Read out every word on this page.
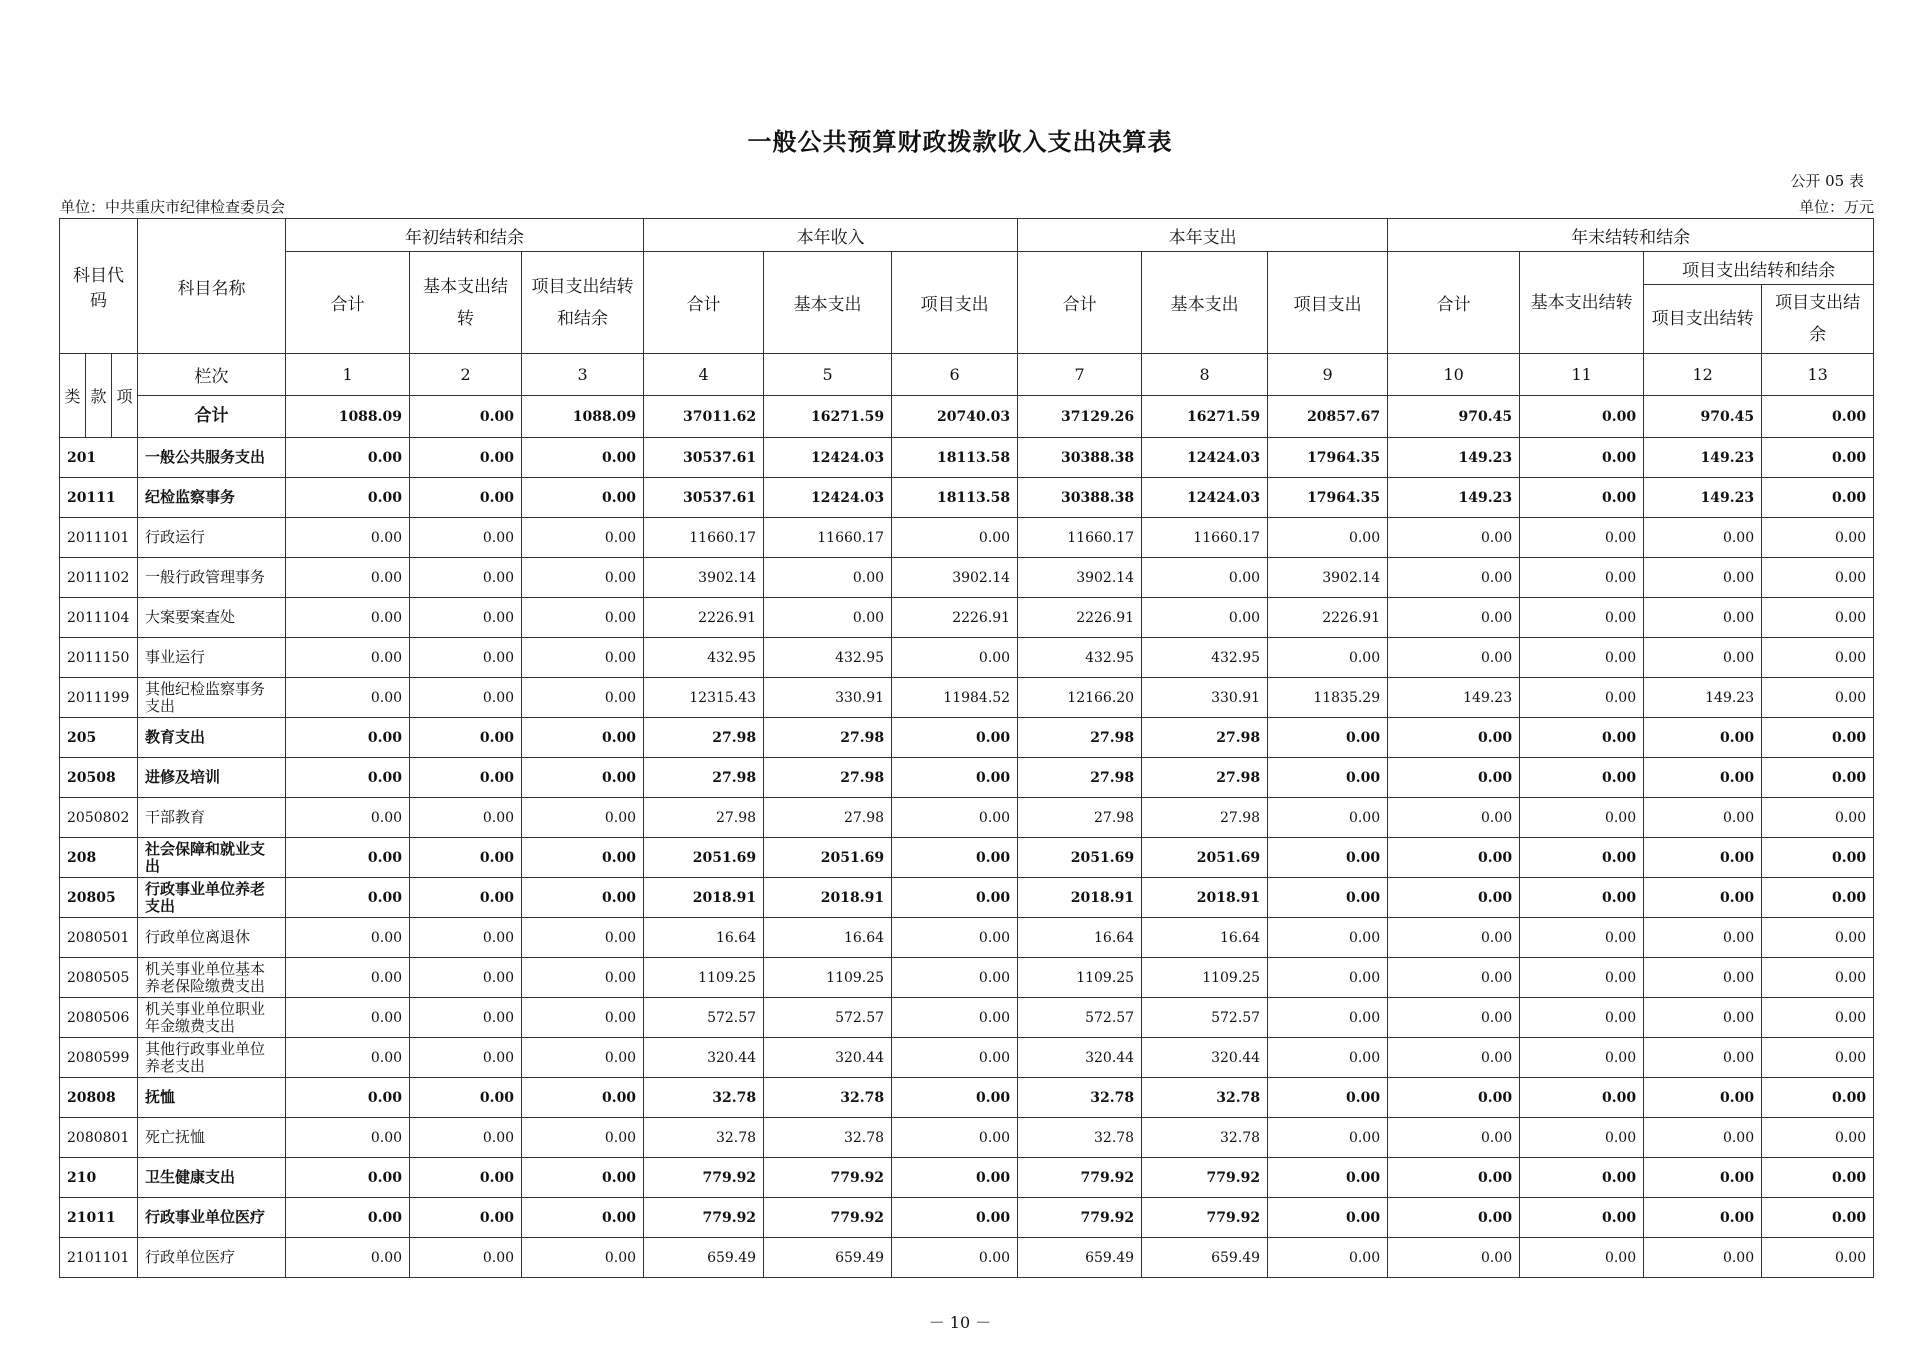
一般公共预算财政拨款收入支出决算表
公开 05 表
单位：中共重庆市纪律检查委员会	单位：万元
科目代码			科目名称	年初结转和结余			本年收入			本年支出			年末结转和结余			
				合计	基本支出结转	项目支出结转和结余	合计	基本支出	项目支出	合计	基本支出	项目支出	合计	基本支出结转	项目支出结转和结余	

															项目支出结转	项目支出结余

类	款	项	栏次	1	2	3	4	5	6	7	8	9	10	11	12	13
			合计	1088.09	0.00	1088.09	37011.62	16271.59	20740.03	37129.26	16271.59	20857.67	970.45	0.00	970.45	0.00
201			一般公共服务支出	0.00	0.00	0.00	30537.61	12424.03	18113.58	30388.38	12424.03	17964.35	149.23	0.00	149.23	0.00
20111			纪检监察事务	0.00	0.00	0.00	30537.61	12424.03	18113.58	30388.38	12424.03	17964.35	149.23	0.00	149.23	0.00
2011101			行政运行	0.00	0.00	0.00	11660.17	11660.17	0.00	11660.17	11660.17	0.00	0.00	0.00	0.00	0.00
2011102			一般行政管理事务	0.00	0.00	0.00	3902.14	0.00	3902.14	3902.14	0.00	3902.14	0.00	0.00	0.00	0.00
2011104			大案要案查处	0.00	0.00	0.00	2226.91	0.00	2226.91	2226.91	0.00	2226.91	0.00	0.00	0.00	0.00
2011150			事业运行	0.00	0.00	0.00	432.95	432.95	0.00	432.95	432.95	0.00	0.00	0.00	0.00	0.00
2011199			其他纪检监察事务支出	0.00	0.00	0.00	12315.43	330.91	11984.52	12166.20	330.91	11835.29	149.23	0.00	149.23	0.00
205			教育支出	0.00	0.00	0.00	27.98	27.98	0.00	27.98	27.98	0.00	0.00	0.00	0.00	0.00
20508			进修及培训	0.00	0.00	0.00	27.98	27.98	0.00	27.98	27.98	0.00	0.00	0.00	0.00	0.00
2050802			干部教育	0.00	0.00	0.00	27.98	27.98	0.00	27.98	27.98	0.00	0.00	0.00	0.00	0.00
208			社会保障和就业支出	0.00	0.00	0.00	2051.69	2051.69	0.00	2051.69	2051.69	0.00	0.00	0.00	0.00	0.00
20805			行政事业单位养老支出	0.00	0.00	0.00	2018.91	2018.91	0.00	2018.91	2018.91	0.00	0.00	0.00	0.00	0.00
2080501			行政单位离退休	0.00	0.00	0.00	16.64	16.64	0.00	16.64	16.64	0.00	0.00	0.00	0.00	0.00
2080505			机关事业单位基本养老保险缴费支出	0.00	0.00	0.00	1109.25	1109.25	0.00	1109.25	1109.25	0.00	0.00	0.00	0.00	0.00
2080506			机关事业单位职业年金缴费支出	0.00	0.00	0.00	572.57	572.57	0.00	572.57	572.57	0.00	0.00	0.00	0.00	0.00
2080599			其他行政事业单位养老支出	0.00	0.00	0.00	320.44	320.44	0.00	320.44	320.44	0.00	0.00	0.00	0.00	0.00
20808			抚恤	0.00	0.00	0.00	32.78	32.78	0.00	32.78	32.78	0.00	0.00	0.00	0.00	0.00
2080801			死亡抚恤	0.00	0.00	0.00	32.78	32.78	0.00	32.78	32.78	0.00	0.00	0.00	0.00	0.00
210			卫生健康支出	0.00	0.00	0.00	779.92	779.92	0.00	779.92	779.92	0.00	0.00	0.00	0.00	0.00
21011			行政事业单位医疗	0.00	0.00	0.00	779.92	779.92	0.00	779.92	779.92	0.00	0.00	0.00	0.00	0.00
2101101			行政单位医疗	0.00	0.00	0.00	659.49	659.49	0.00	659.49	659.49	0.00	0.00	0.00	0.00	0.00
－ 10 －
